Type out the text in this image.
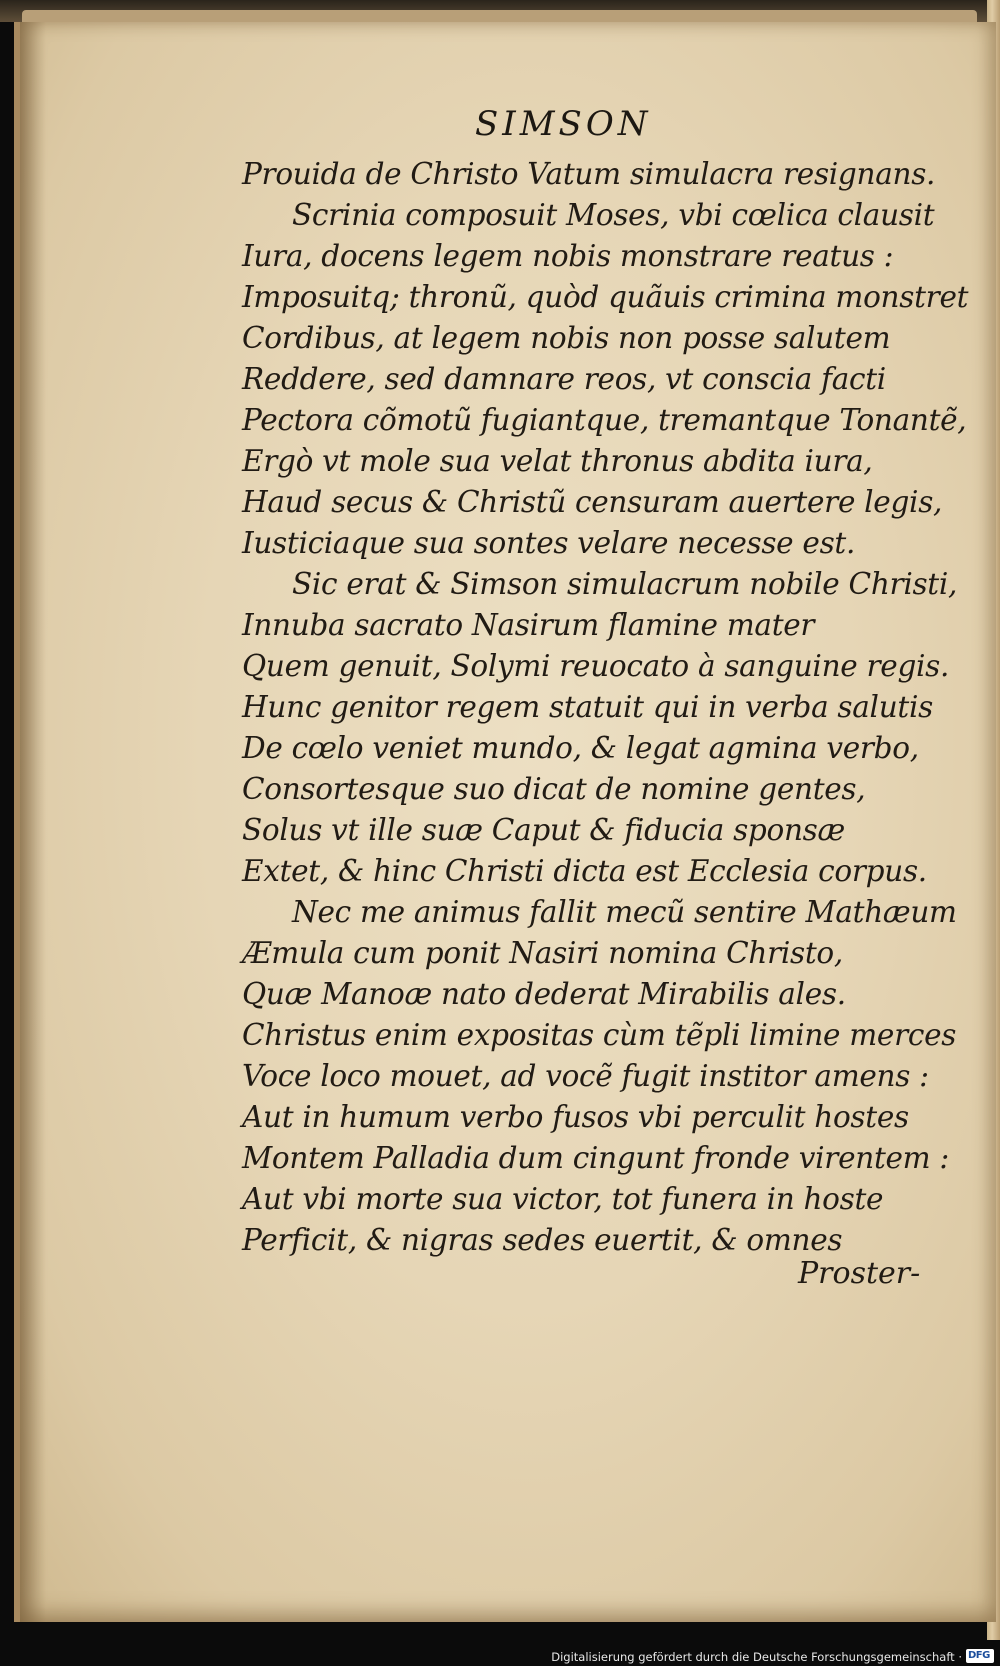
SIMSON
Prouida de Christo Vatum simulacra resignans.
Scrinia composuit Moses, vbi cœlica clausit
Iura, docens legem nobis monstrare reatus :
Imposuitq; thronũ, quòd quãuis crimina monstret
Cordibus, at legem nobis non posse salutem
Reddere, sed damnare reos, vt conscia facti
Pectora cõmotũ fugiantque, tremantque Tonantẽ,
Ergò vt mole sua velat thronus abdita iura,
Haud secus & Christũ censuram auertere legis,
Iusticiaque sua sontes velare necesse est.
Sic erat & Simson simulacrum nobile Christi,
Innuba sacrato Nasirum flamine mater
Quem genuit, Solymi reuocato à sanguine regis.
Hunc genitor regem statuit qui in verba salutis
De cœlo veniet mundo, & legat agmina verbo,
Consortesque suo dicat de nomine gentes,
Solus vt ille suæ Caput & fiducia sponsæ
Extet, & hinc Christi dicta est Ecclesia corpus.
Nec me animus fallit mecũ sentire Mathæum
Æmula cum ponit Nasiri nomina Christo,
Quæ Manoæ nato dederat Mirabilis ales.
Christus enim expositas cùm tẽpli limine merces
Voce loco mouet, ad vocẽ fugit institor amens :
Aut in humum verbo fusos vbi perculit hostes
Montem Palladia dum cingunt fronde virentem :
Aut vbi morte sua victor, tot funera in hoste
Perficit, & nigras sedes euertit, & omnes
Proster-
Digitalisierung gefördert durch die Deutsche Forschungsgemeinschaft · DFG
